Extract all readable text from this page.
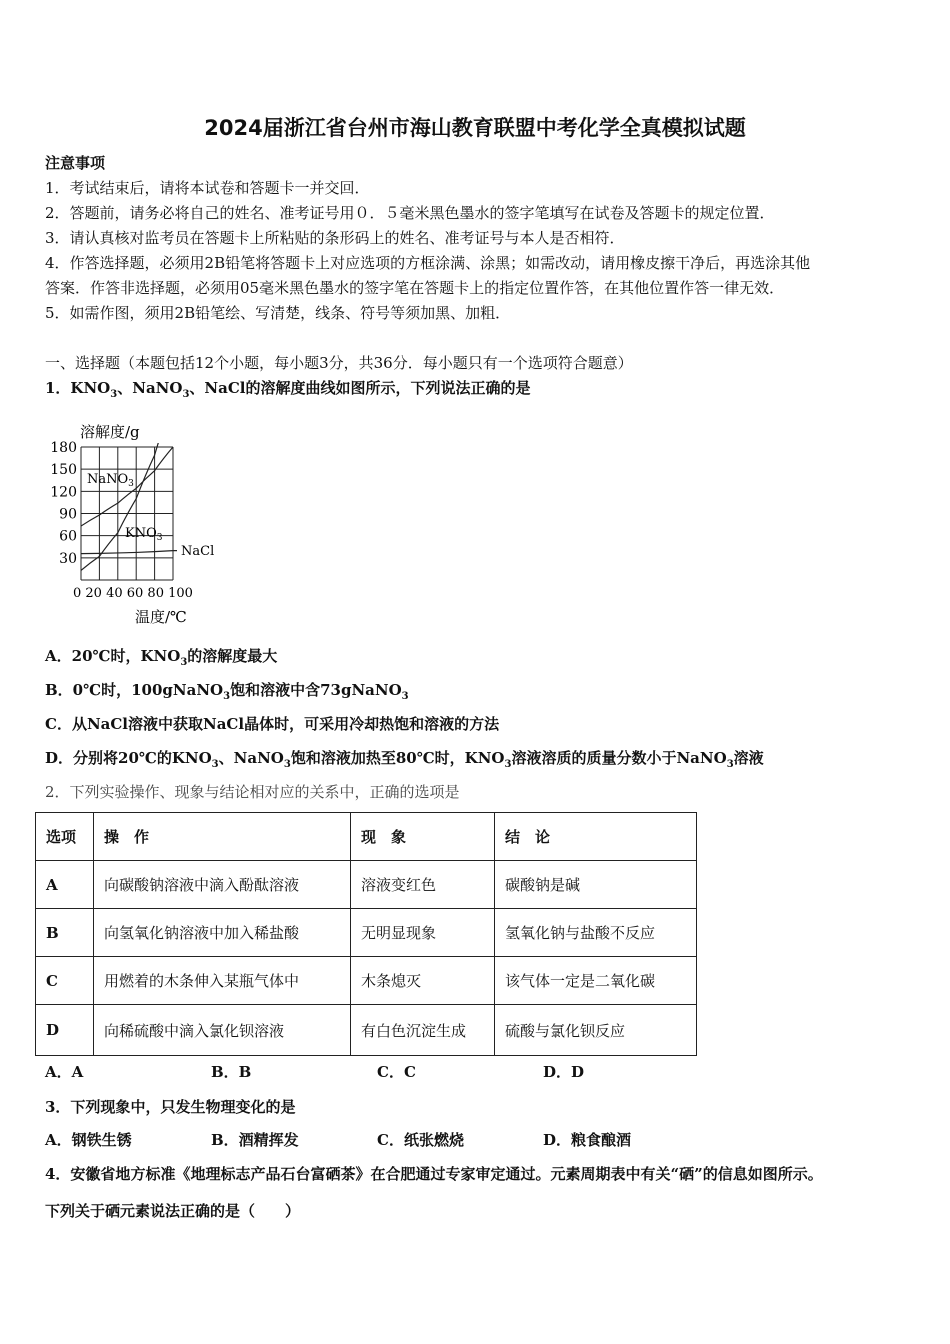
2024届浙江省台州市海山教育联盟中考化学全真模拟试题
注意事项
1．考试结束后，请将本试卷和答题卡一并交回．
2．答题前，请务必将自己的姓名、准考证号用０．５毫米黑色墨水的签字笔填写在试卷及答题卡的规定位置．
3．请认真核对监考员在答题卡上所粘贴的条形码上的姓名、准考证号与本人是否相符．
4．作答选择题，必须用2B铅笔将答题卡上对应选项的方框涂满、涂黑；如需改动，请用橡皮擦干净后，再选涂其他
答案．作答非选择题，必须用05毫米黑色墨水的签字笔在答题卡上的指定位置作答，在其他位置作答一律无效．
5．如需作图，须用2B铅笔绘、写清楚，线条、符号等须加黑、加粗．
一、选择题（本题包括12个小题，每小题3分，共36分．每小题只有一个选项符合题意）
1．$KNO_3$、NaNO$_3$、NaCl的溶解度曲线如图所示，下列说法正确的是
溶解度/g
180
150
120
90
60
30
NaNO$_3$
$KNO_3$
NaCl
0 20 40 60 80 100
温度/℃
A．20℃时，$KNO_3$的溶解度最大
B．0℃时，100gNaNO$_3$饱和溶液中含73gNaNO$_3$
C．从NaCl溶液中获取NaCl晶体时，可采用冷却热饱和溶液的方法
D．分别将20℃的$KNO_3$、NaNO$_3$饱和溶液加热至80℃时，$KNO_3$溶液溶质的质量分数小于NaNO$_3$溶液
2．下列实验操作、现象与结论相对应的关系中，正确的选项是
选项	操　作	现　象	结　论
A	向碳酸钠溶液中滴入酚酞溶液	溶液变红色	碳酸钠是碱
B	向氢氧化钠溶液中加入稀盐酸	无明显现象	氢氧化钠与盐酸不反应
C	用燃着的木条伸入某瓶气体中	木条熄灭	该气体一定是二氧化碳
D	向稀硫酸中滴入氯化钡溶液	有白色沉淀生成	硫酸与氯化钡反应
A．A	B．B	C．C	D．D
3．下列现象中，只发生物理变化的是
A．钢铁生锈	B．酒精挥发	C．纸张燃烧	D．粮食酿酒
4．安徽省地方标准《地理标志产品石台富硒茶》在合肥通过专家审定通过。元素周期表中有关“硒”的信息如图所示。
下列关于硒元素说法正确的是（　　）
